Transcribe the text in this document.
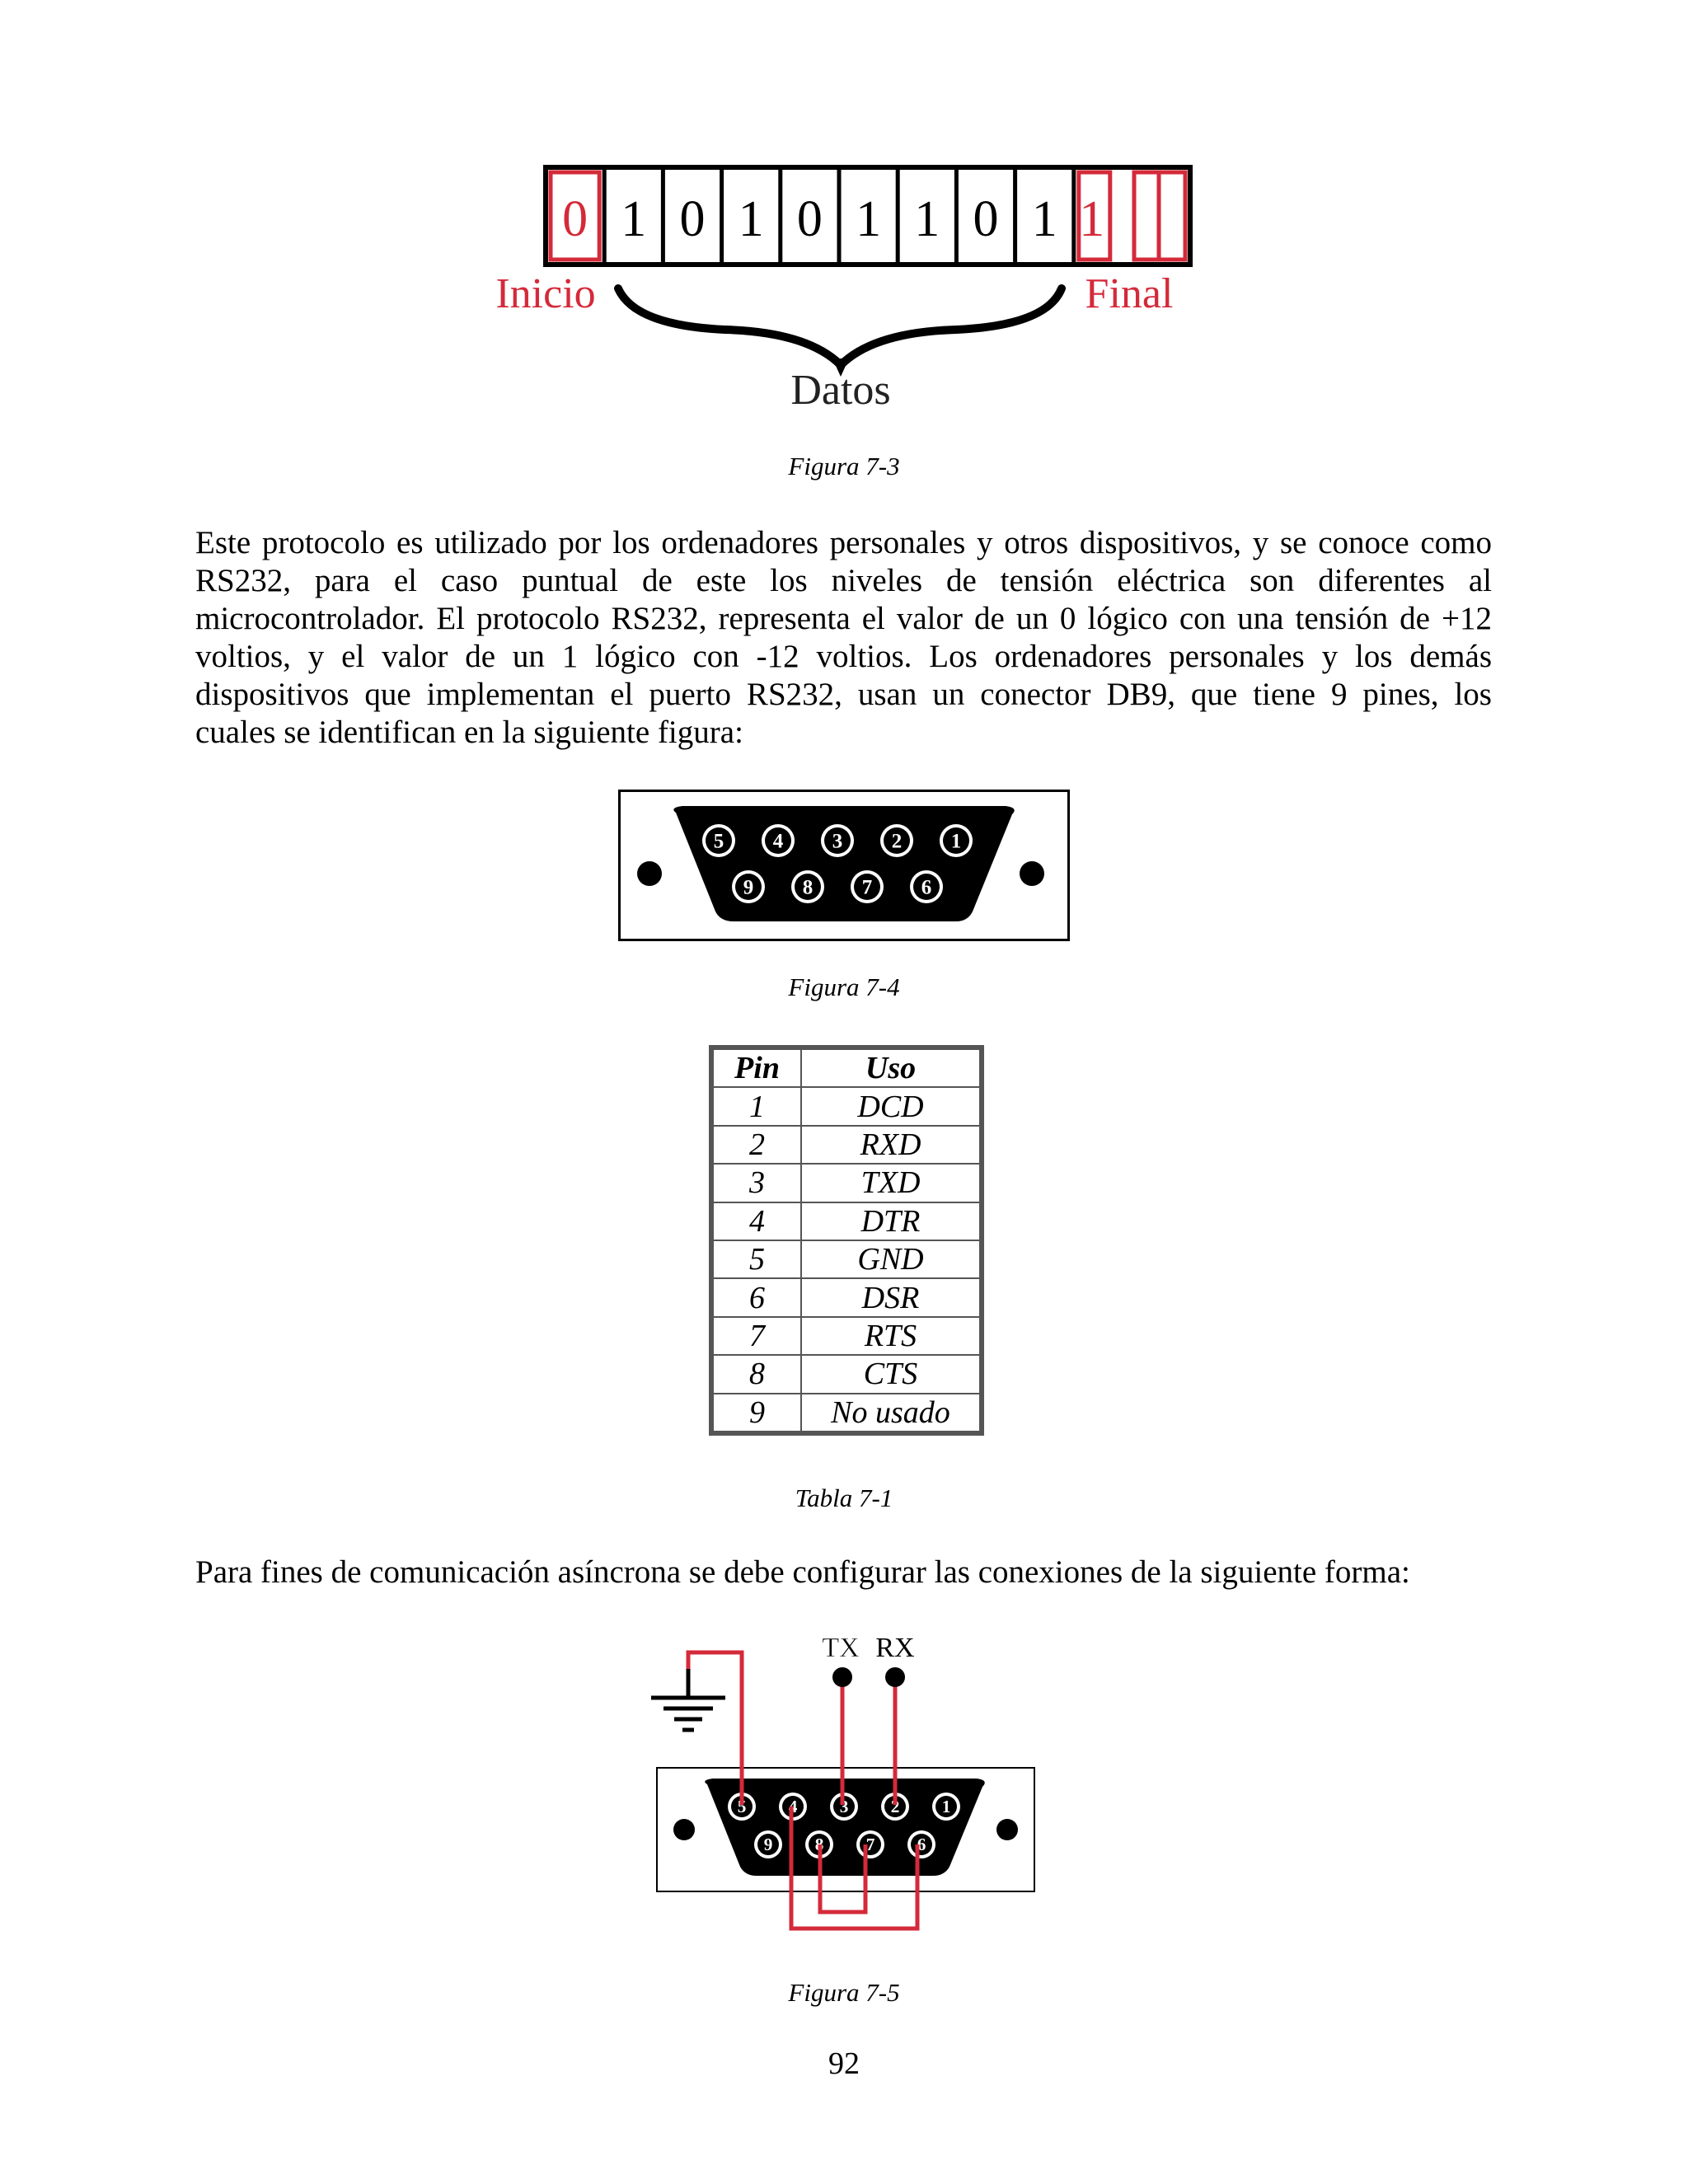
0 1 0 1 0 1 1 0 1 1
Inicio	Final
Datos
Figura 7-3
Este protocolo es utilizado por los ordenadores personales y otros dispositivos, y se conoce como
RS232, para el caso puntual de este los niveles de tensión eléctrica son diferentes al
microcontrolador. El protocolo RS232, representa el valor de un 0 lógico con una tensión de +12
voltios, y el valor de un 1 lógico con -12 voltios. Los ordenadores personales y los demás
dispositivos que implementan el puerto RS232, usan un conector DB9, que tiene 9 pines, los
cuales se identifican en la siguiente figura:
5 4 3 2 1
9 8 7 6
Figura 7-4
Pin	Uso
1	DCD
2	RXD
3	TXD
4	DTR
5	GND
6	DSR
7	RTS
8	CTS
9	No usado
Tabla 7-1
Para fines de comunicación asíncrona se debe configurar las conexiones de la siguiente forma:
5 4 3 2 1
9 8 7 6
TX RX
Figura 7-5
92
